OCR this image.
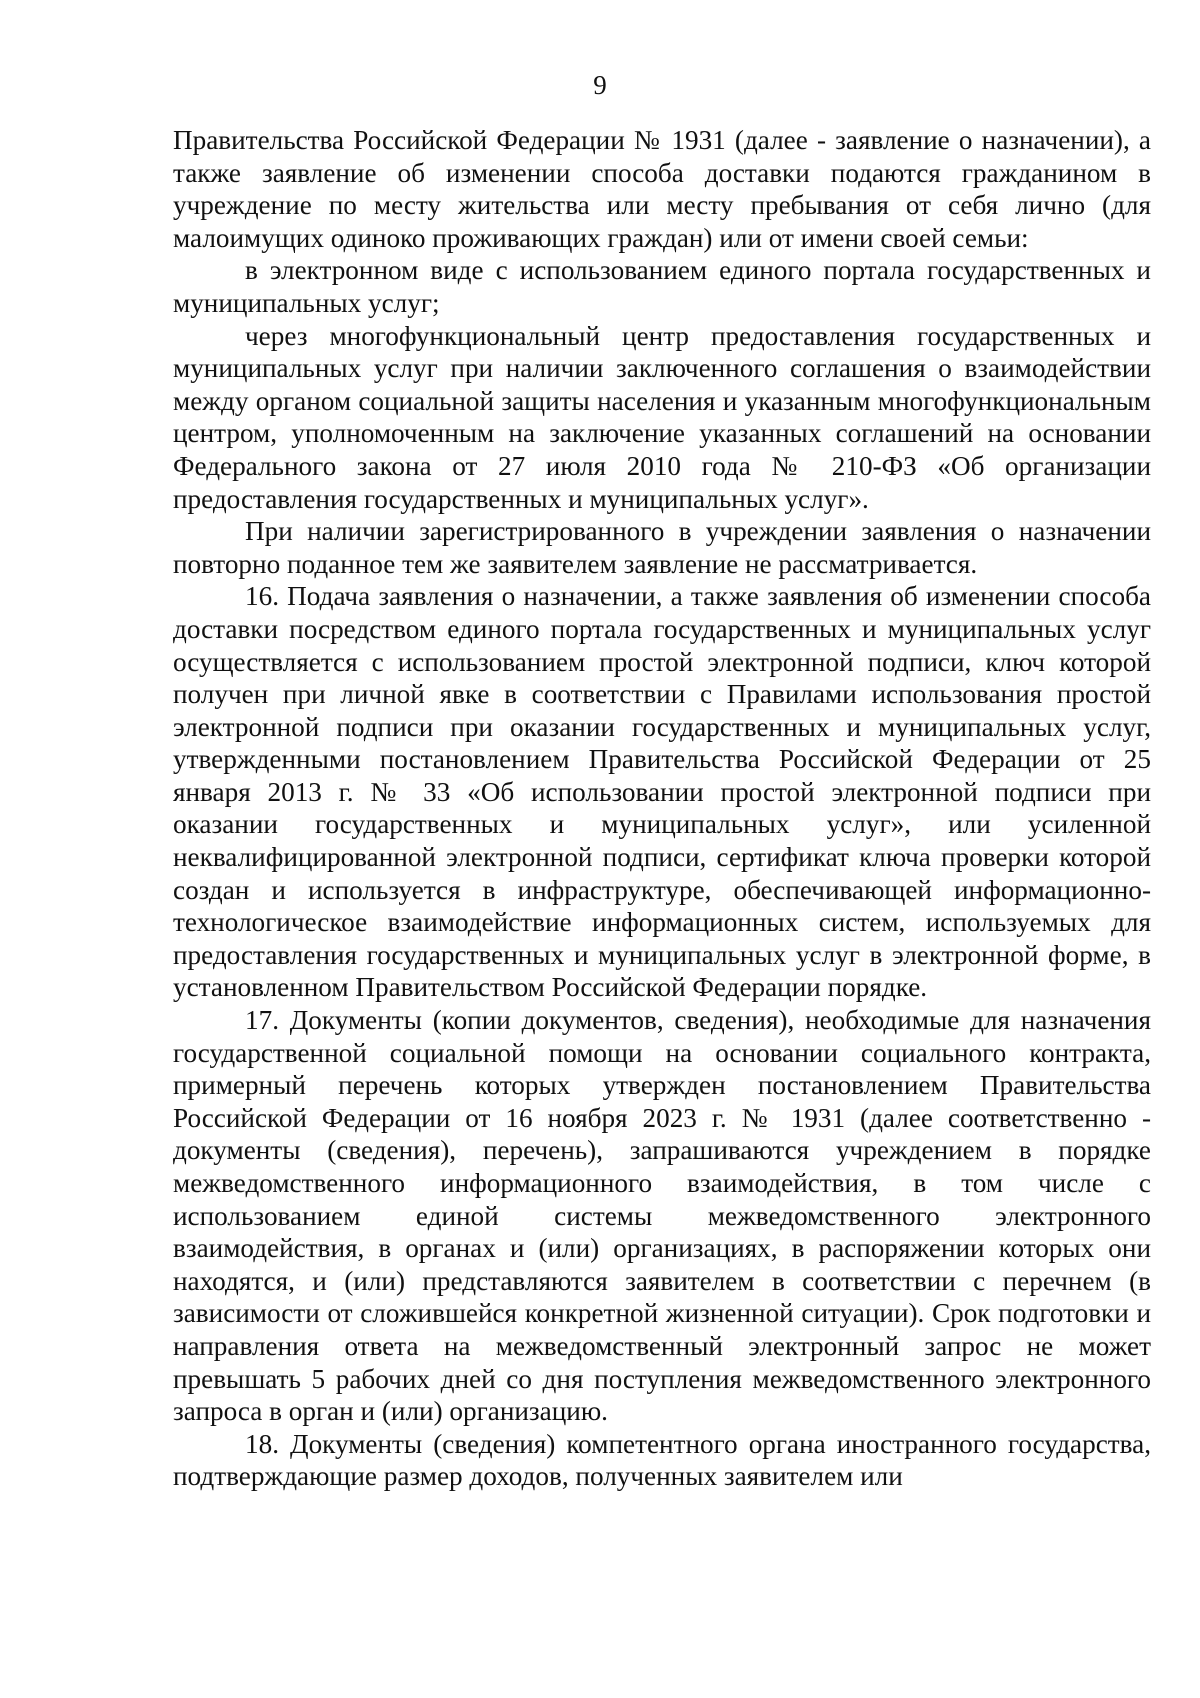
9

Правительства Российской Федерации № 1931 (далее - заявление о назначении), а также заявление об изменении способа доставки подаются гражданином в учреждение по месту жительства или месту пребывания от себя лично (для малоимущих одиноко проживающих граждан) или от имени своей семьи:

в электронном виде с использованием единого портала государственных и муниципальных услуг;

через многофункциональный центр предоставления государственных и муниципальных услуг при наличии заключенного соглашения о взаимодействии между органом социальной защиты населения и указанным многофункциональным центром, уполномоченным на заключение указанных соглашений на основании Федерального закона от 27 июля 2010 года № 210-ФЗ «Об организации предоставления государственных и муниципальных услуг».

При наличии зарегистрированного в учреждении заявления о назначении повторно поданное тем же заявителем заявление не рассматривается.

16. Подача заявления о назначении, а также заявления об изменении способа доставки посредством единого портала государственных и муниципальных услуг осуществляется с использованием простой электронной подписи, ключ которой получен при личной явке в соответствии с Правилами использования простой электронной подписи при оказании государственных и муниципальных услуг, утвержденными постановлением Правительства Российской Федерации от 25 января 2013 г. № 33 «Об использовании простой электронной подписи при оказании государственных и муниципальных услуг», или усиленной неквалифицированной электронной подписи, сертификат ключа проверки которой создан и используется в инфраструктуре, обеспечивающей информационно-технологическое взаимодействие информационных систем, используемых для предоставления государственных и муниципальных услуг в электронной форме, в установленном Правительством Российской Федерации порядке.

17. Документы (копии документов, сведения), необходимые для назначения государственной социальной помощи на основании социального контракта, примерный перечень которых утвержден постановлением Правительства Российской Федерации от 16 ноября 2023 г. № 1931 (далее соответственно - документы (сведения), перечень), запрашиваются учреждением в порядке межведомственного информационного взаимодействия, в том числе с использованием единой системы межведомственного электронного взаимодействия, в органах и (или) организациях, в распоряжении которых они находятся, и (или) представляются заявителем в соответствии с перечнем (в зависимости от сложившейся конкретной жизненной ситуации). Срок подготовки и направления ответа на межведомственный электронный запрос не может превышать 5 рабочих дней со дня поступления межведомственного электронного запроса в орган и (или) организацию.

18. Документы (сведения) компетентного органа иностранного государства, подтверждающие размер доходов, полученных заявителем или
